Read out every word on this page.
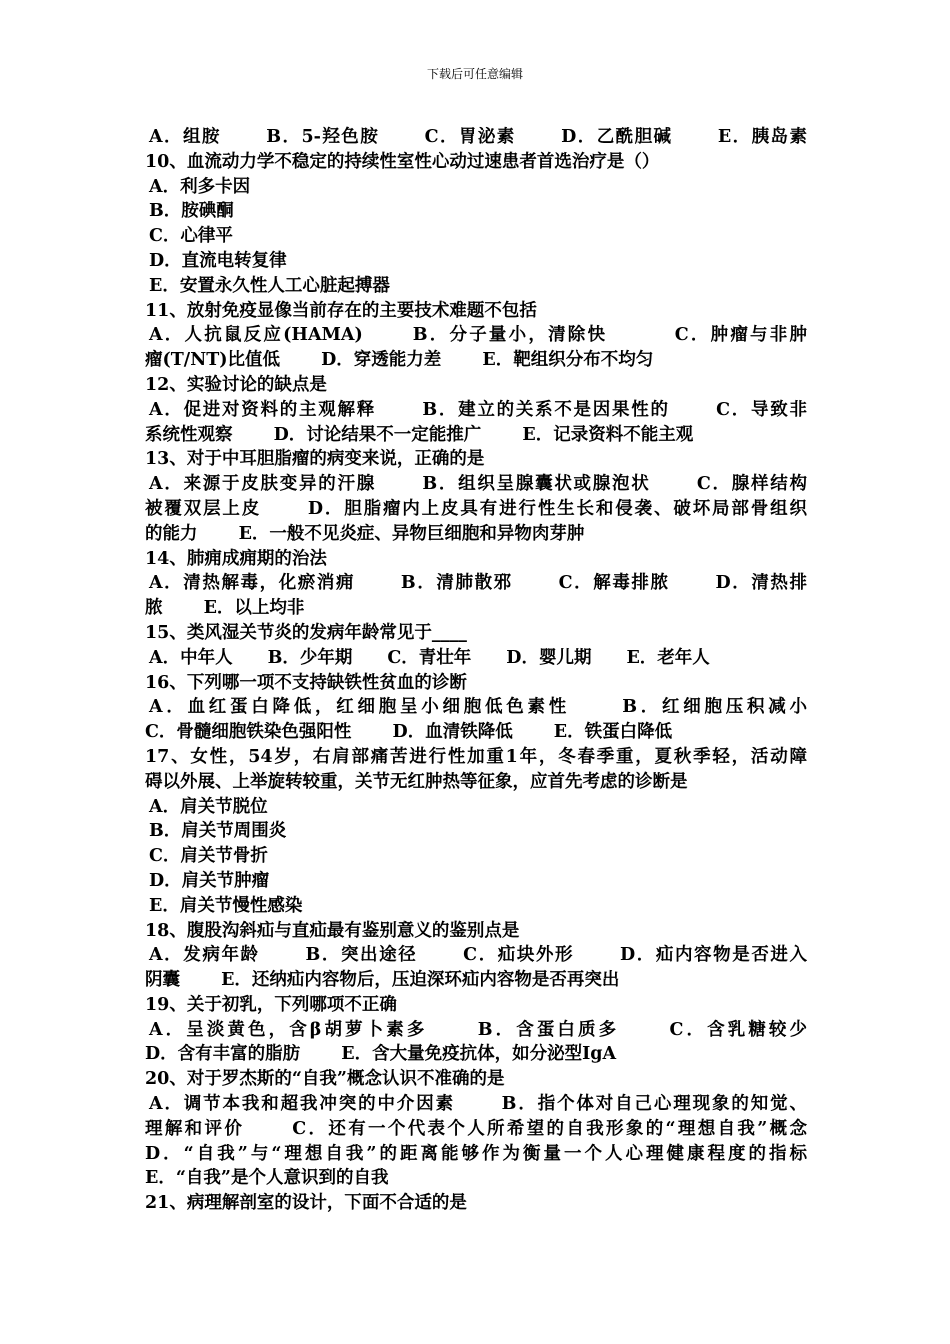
下载后可任意编辑
A．组胺　　 B．5-羟色胺　　 C．胃泌素　　 D．乙酰胆碱　　 E．胰岛素
10、血流动力学不稳定的持续性室性心动过速患者首选治疗是（）
A．利多卡因
B．胺碘酮
C．心律平
D．直流电转复律
E．安置永久性人工心脏起搏器
11、放射免疫显像当前存在的主要技术难题不包括
A．人抗鼠反应(HAMA)　　 B．分子量小，清除快　　　 C．肿瘤与非肿
瘤(T/NT)比值低　　 D．穿透能力差　　 E．靶组织分布不均匀
12、实验讨论的缺点是
A．促进对资料的主观解释　　 B．建立的关系不是因果性的　　 C．导致非
系统性观察　　 D．讨论结果不一定能推广　　 E．记录资料不能主观
13、对于中耳胆脂瘤的病变来说，正确的是
A．来源于皮肤变异的汗腺　　 B．组织呈腺囊状或腺泡状　　 C．腺样结构
被覆双层上皮　　 D．胆脂瘤内上皮具有进行性生长和侵袭、破坏局部骨组织
的能力　　 E．一般不见炎症、异物巨细胞和异物肉芽肿
14、肺痈成痈期的治法
A．清热解毒，化瘀消痈　　 B．清肺散邪　　 C．解毒排脓　　 D．清热排
脓　　 E．以上均非
15、类风湿关节炎的发病年龄常见于____
A．中年人　　B．少年期　　C．青壮年　　D．婴儿期　　E．老年人
16、下列哪一项不支持缺铁性贫血的诊断
A．血红蛋白降低，红细胞呈小细胞低色素性　　 B．红细胞压积减小
C．骨髓细胞铁染色强阳性　　 D．血清铁降低　　 E．铁蛋白降低
17、女性，54岁，右肩部痛苦进行性加重1年，冬春季重，夏秋季轻，活动障
碍以外展、上举旋转较重，关节无红肿热等征象，应首先考虑的诊断是
A．肩关节脱位
B．肩关节周围炎
C．肩关节骨折
D．肩关节肿瘤
E．肩关节慢性感染
18、腹股沟斜疝与直疝最有鉴别意义的鉴别点是
A．发病年龄　　 B．突出途径　　 C．疝块外形　　 D．疝内容物是否进入
阴囊　　 E．还纳疝内容物后，压迫深环疝内容物是否再突出
19、关于初乳，下列哪项不正确
A．呈淡黄色，含β胡萝卜素多　　 B．含蛋白质多　　 C．含乳糖较少
D．含有丰富的脂肪　　 E．含大量免疫抗体，如分泌型IgA
20、对于罗杰斯的“自我”概念认识不准确的是
A．调节本我和超我冲突的中介因素　　 B．指个体对自己心理现象的知觉、
理解和评价　　 C．还有一个代表个人所希望的自我形象的“理想自我”概念
D．“自我”与“理想自我”的距离能够作为衡量一个人心理健康程度的指标
E．“自我”是个人意识到的自我
21、病理解剖室的设计，下面不合适的是
